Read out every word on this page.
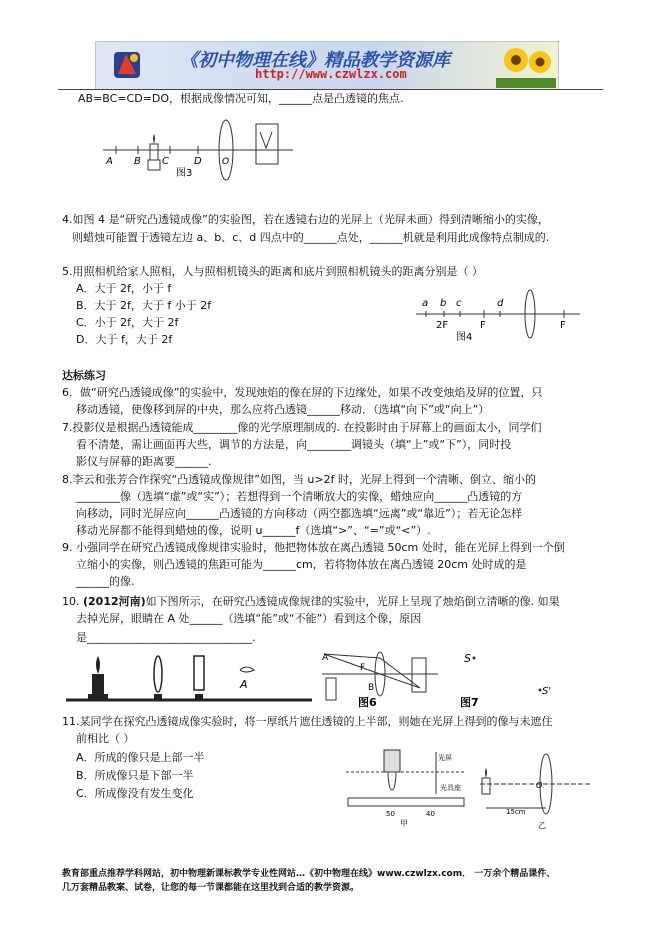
《初中物理在线》精品教学资源库
http://www.czwlzx.com
AB=BC=CD=DO，根据成像情况可知，______点是凸透镜的焦点.
A B C	D O
图3
4.如图 4 是“研究凸透镜成像”的实验图，若在透镜右边的光屏上（光屏未画）得到清晰缩小的实像，
则蜡烛可能置于透镜左边 a、b、c、d 四点中的______点处，______机就是利用此成像特点制成的.
5.用照相机给家人照相，人与照相机镜头的距离和底片到照相机镜头的距离分别是（ ）
A．大于 2f，小于 f
B．大于 2f，大于 f 小于 2f
C．小于 2f，大于 2f
D．大于 f，大于 2f
a b c	d
2F	F	F
图4
达标练习
6．做“研究凸透镜成像”的实验中，发现烛焰的像在屏的下边缘处，如果不改变烛焰及屏的位置，只
移动透镜，使像移到屏的中央，那么应将凸透镜______移动．（选填“向下”或“向上”）
7.投影仪是根据凸透镜能成________像的光学原理制成的. 在投影时由于屏幕上的画面太小，同学们
看不清楚，需让画面再大些，调节的方法是，向________调镜头（填“上”或“下”），同时投
影仪与屏幕的距离要______.
8.李云和张芳合作探究“凸透镜成像规律”如图，当 u>2f 时，光屏上得到一个清晰、倒立、缩小的
________像（选填“虚”或“实”）；若想得到一个清晰放大的实像，蜡烛应向______凸透镜的方
向移动，同时光屏应向______凸透镜的方向移动（两空都选填“远离”或“靠近”）；若无论怎样
移动光屏都不能得到蜡烛的像，说明 u______f（选填“>”、“=”或“<”）.
9. 小强同学在研究凸透镜成像规律实验时，他把物体放在离凸透镜 50cm 处时，能在光屏上得到一个倒
立缩小的实像，则凸透镜的焦距可能为______cm，若将物体放在离凸透镜 20cm 处时成的是
______的像.
10. (2012河南)如下图所示，在研究凸透镜成像规律的实验中，光屏上呈现了烛焰倒立清晰的像. 如果
去掉光屏，眼睛在 A 处______（选填“能”或“不能”）看到这个像，原因
是______________________________.
A
A
F
B
图6
S
S'
图7
11.某同学在探究凸透镜成像实验时，将一厚纸片遮住透镜的上半部，则她在光屏上得到的像与未遮住
前相比（ ）
A．所成的像只是上部一半
B．所成像只是下部一半
C．所成像没有发生变化
光屏
50	40
光具座
甲
O
15cm
乙
教育部重点推荐学科网站，初中物理新课标教学专业性网站…《初中物理在线》www.czwlzx.com． 一万余个精品课件、
几万套精品教案、试卷，让您的每一节课都能在这里找到合适的教学资源。
